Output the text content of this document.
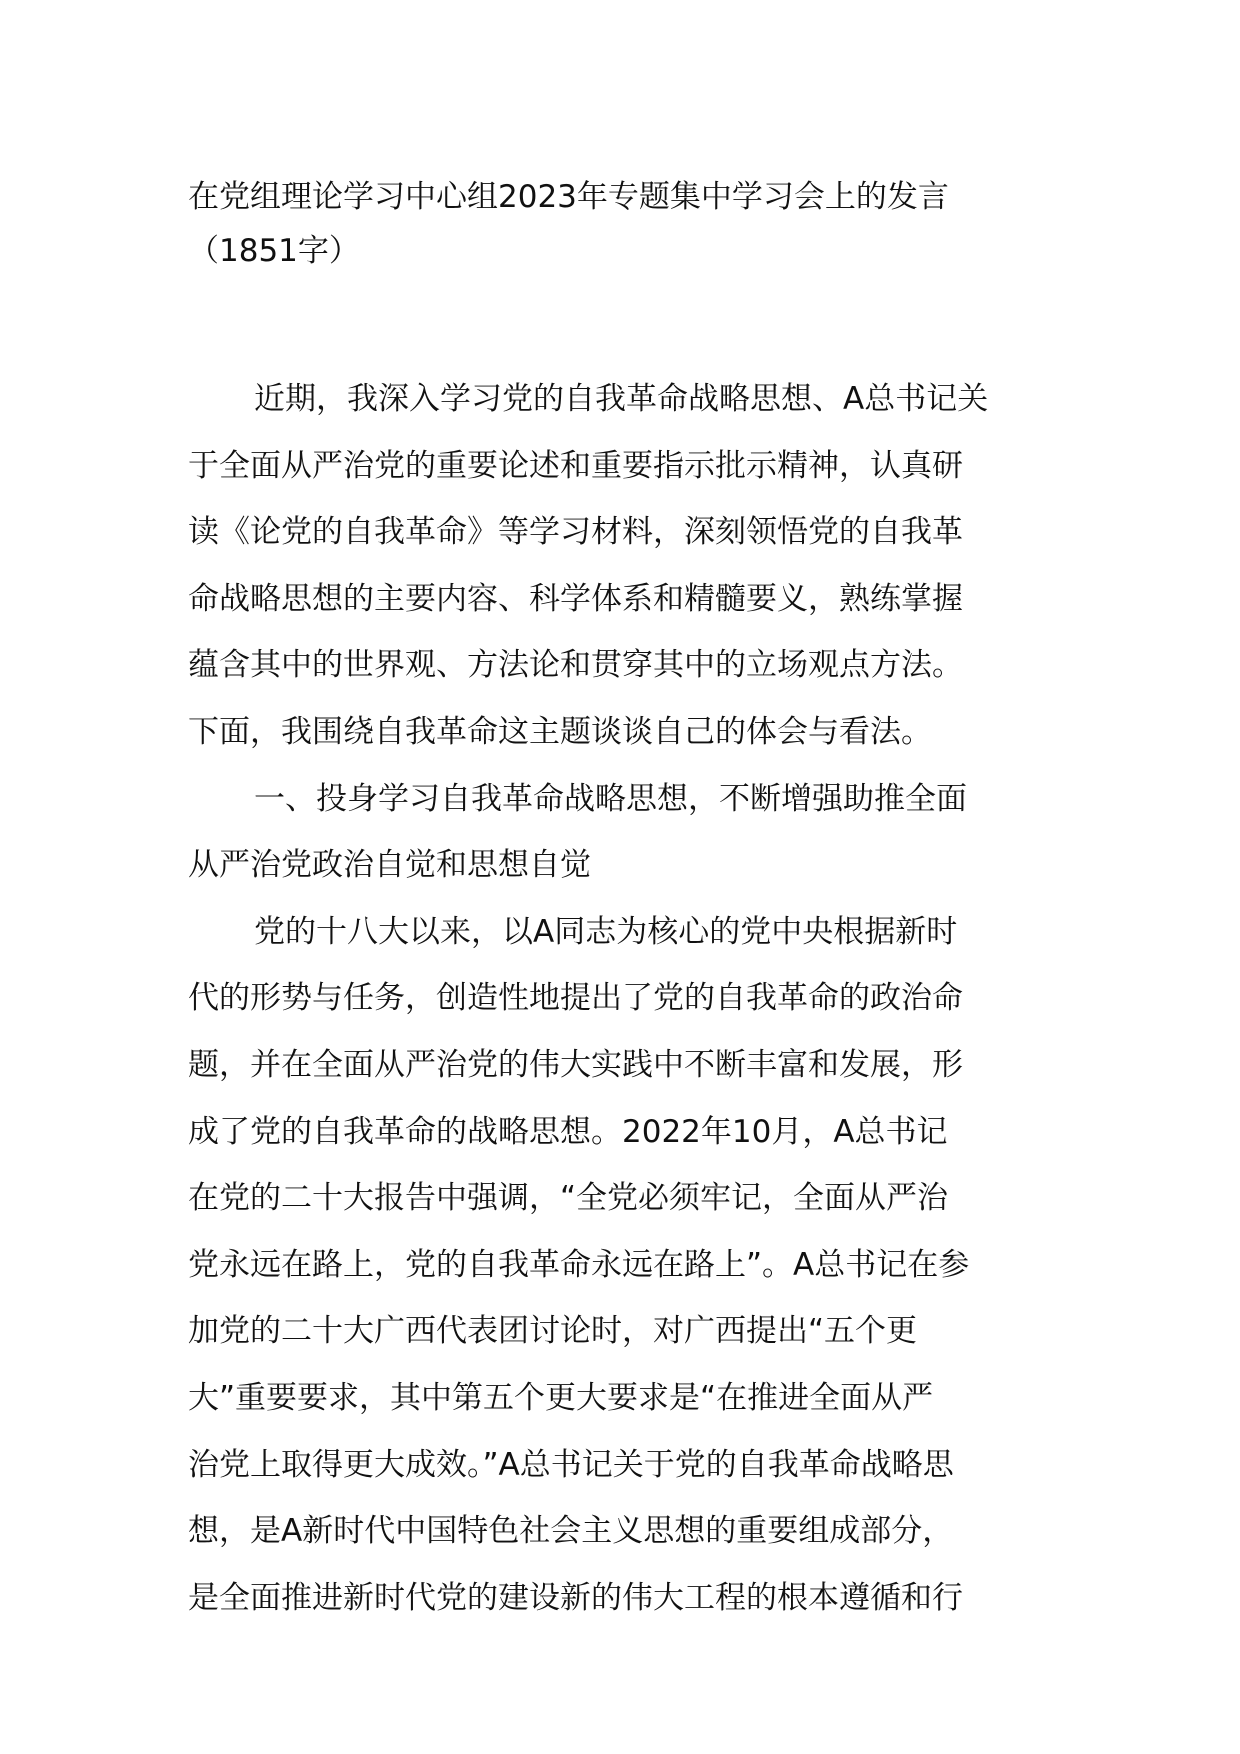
在党组理论学习中心组2023年专题集中学习会上的发言
（1851字）
近期，我深入学习党的自我革命战略思想、A总书记关
于全面从严治党的重要论述和重要指示批示精神，认真研
读《论党的自我革命》等学习材料，深刻领悟党的自我革
命战略思想的主要内容、科学体系和精髓要义，熟练掌握
蕴含其中的世界观、方法论和贯穿其中的立场观点方法。
下面，我围绕自我革命这主题谈谈自己的体会与看法。
一、投身学习自我革命战略思想，不断增强助推全面
从严治党政治自觉和思想自觉
党的十八大以来，以A同志为核心的党中央根据新时
代的形势与任务，创造性地提出了党的自我革命的政治命
题，并在全面从严治党的伟大实践中不断丰富和发展，形
成了党的自我革命的战略思想。2022年10月，A总书记
在党的二十大报告中强调，“全党必须牢记，全面从严治
党永远在路上，党的自我革命永远在路上”。A总书记在参
加党的二十大广西代表团讨论时，对广西提出“五个更
大”重要要求，其中第五个更大要求是“在推进全面从严
治党上取得更大成效。”A总书记关于党的自我革命战略思
想，是A新时代中国特色社会主义思想的重要组成部分，
是全面推进新时代党的建设新的伟大工程的根本遵循和行
